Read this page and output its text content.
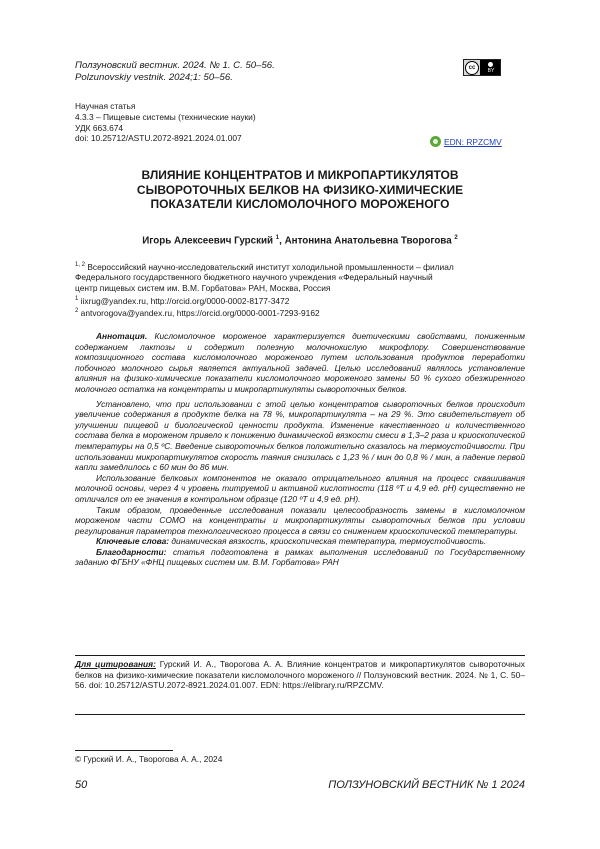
Ползуновский вестник. 2024. № 1. С. 50–56.
Polzunovskiy vestnik. 2024;1: 50–56.
cc	BY
Научная статья
4.3.3 – Пищевые системы (технические науки)
УДК 663.674
doi: 10.25712/ASTU.2072-8921.2024.01.007	EDN: RPZCMV
ВЛИЯНИЕ КОНЦЕНТРАТОВ И МИКРОПАРТИКУЛЯТОВ
СЫВОРОТОЧНЫХ БЕЛКОВ НА ФИЗИКО-ХИМИЧЕСКИЕ
ПОКАЗАТЕЛИ КИСЛОМОЛОЧНОГО МОРОЖЕНОГО
Игорь Алексеевич Гурский $^1$, Антонина Анатольевна Творогова $^2$
$^{1, 2}$ Всероссийский научно-исследовательский институт холодильной промышленности – филиал
Федерального государственного бюджетного научного учреждения «Федеральный научный
центр пищевых систем им. В.М. Горбатова» РАН, Москва, Россия
$^1$ iixrug@yandex.ru, http://orcid.org/0000-0002-8177-3472
$^2$ antvorogova@yandex.ru, https://orcid.org/0000-0001-7293-9162

Аннотация. Кисломолочное мороженое характеризуется диетическими свойствами, пониженным содержанием лактозы и содержит полезную молочнокислую микрофлору. Совершенствование композиционного состава кисломолочного мороженого путем использования продуктов переработки побочного молочного сырья является актуальной задачей. Целью исследований являлось установление влияния на физико-химические показатели кисломолочного мороженого замены 50 % сухого обезжиренного молочного остатка на концентраты и микропартикуляты сывороточных белков.

Установлено, что при использовании с этой целью концентратов сывороточных белков происходит увеличение содержания в продукте белка на 78 %, микропартикулята – на 29 %. Это свидетельствует об улучшении пищевой и биологической ценности продукта. Изменение качественного и количественного состава белка в мороженом привело к понижению динамической вязкости смеси в 1,3–2 раза и криоскопической температуры на 0,5 ºС. Введение сывороточных белков положительно сказалось на термоустойчивости. При использовании микропартикулятов скорость таяния снизилась с 1,23 % / мин до 0,8 % / мин, а падение первой капли замедлилось с 60 мин до 86 мин.

Использование белковых компонентов не оказало отрицательного влияния на процесс сквашивания молочной основы, через 4 ч уровень титруемой и активной кислотности (118 ºТ и 4,9 ед. рН) существенно не отличался от ее значения в контрольном образце (120 ºТ и 4,9 ед. рН).

Таким образом, проведенные исследования показали целесообразность замены в кисломолочном мороженом части СОМО на концентраты и микропартикуляты сывороточных белков при условии регулирования параметров технологического процесса в связи со снижением криоскопической температуры.

Ключевые слова: динамическая вязкость, криоскопическая температура, термоустойчивость.

Благодарности: статья подготовлена в рамках выполнения исследований по Государственному заданию ФГБНУ «ФНЦ пищевых систем им. В.М. Горбатова» РАН

Для цитирования: Гурский И. А., Творогова А. А. Влияние концентратов и микропартикулятов сывороточных белков на физико-химические показатели кисломолочного мороженого // Ползуновский вестник. 2024. № 1, С. 50–56. doi: 10.25712/ASTU.2072-8921.2024.01.007. EDN: https://elibrary.ru/RPZCMV.
© Гурский И. А., Творогова А. А., 2024
50	ПОЛЗУНОВСКИЙ ВЕСТНИК № 1 2024
